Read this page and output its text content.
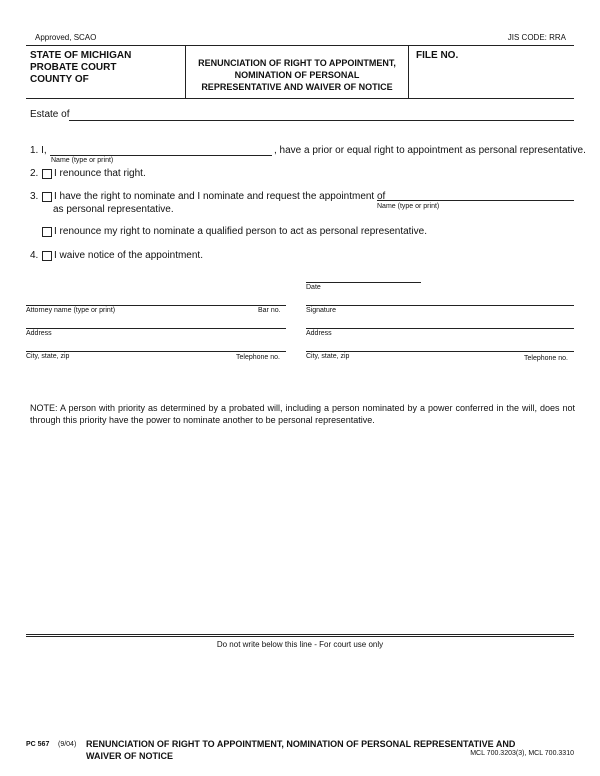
Approved, SCAO	JIS CODE: RRA
STATE OF MICHIGAN
PROBATE COURT
COUNTY OF
RENUNCIATION OF RIGHT TO APPOINTMENT,
NOMINATION OF PERSONAL
REPRESENTATIVE AND WAIVER OF NOTICE
FILE NO.
Estate of
1. I,	, have a prior or equal right to appointment as personal representative.
Name (type or print)
2. I renounce that right.
3. I have the right to nominate and I nominate and request the appointment of
as personal representative.	Name (type or print)
I renounce my right to nominate a qualified person to act as personal representative.
4. I waive notice of the appointment.
Date
Attorney name (type or print)	Bar no.	Signature
Address	Address
City, state, zip	Telephone no.	City, state, zip	Telephone no.
NOTE: A person with priority as determined by a probated will, including a person nominated by a power conferred in the will, does not through this priority have the power to nominate another to be personal representative.
Do not write below this line - For court use only
PC 567 (9/04) RENUNCIATION OF RIGHT TO APPOINTMENT, NOMINATION OF PERSONAL REPRESENTATIVE AND
WAIVER OF NOTICE	MCL 700.3203(3), MCL 700.3310
